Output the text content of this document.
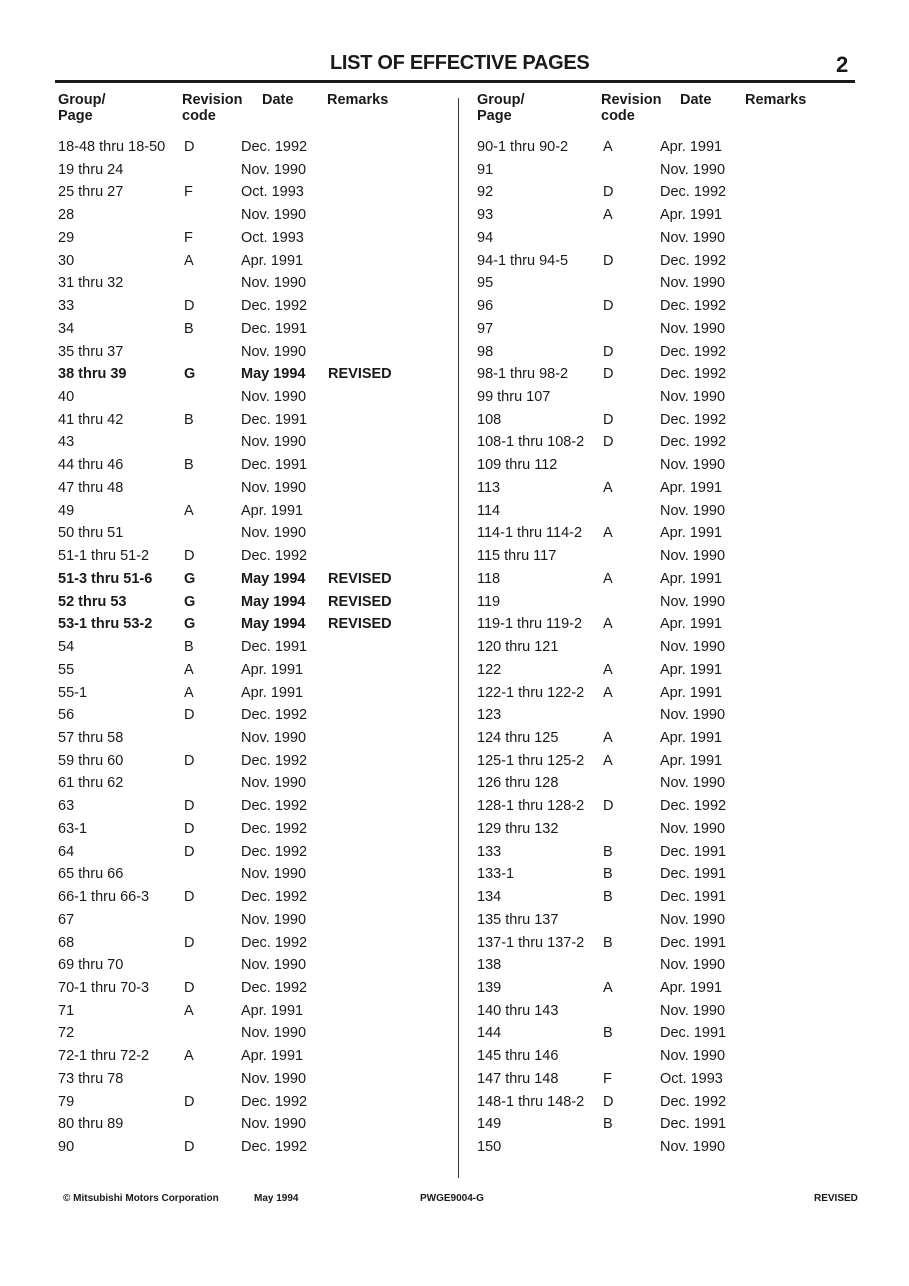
LIST OF EFFECTIVE PAGES	2
Group/
Page
Revision
code
Date Remarks	Group/
Page
Revision
code
Date Remarks
18-48 thru 18-50 D	Dec. 1992
19 thru 24	Nov. 1990
25 thru 27	F	Oct. 1993
28	Nov. 1990
29	F	Oct. 1993
30	A	Apr. 1991
31 thru 32	Nov. 1990
33	D	Dec. 1992
34	B	Dec. 1991
35 thru 37	Nov. 1990
38 thru 39	G	May 1994 REVISED
40	Nov. 1990
41 thru 42	B	Dec. 1991
43	Nov. 1990
44 thru 46	B	Dec. 1991
47 thru 48	Nov. 1990
49	A	Apr. 1991
50 thru 51	Nov. 1990
51-1 thru 51-2 D	Dec. 1992
51-3 thru 51-6 G	May 1994 REVISED
52 thru 53	G	May 1994 REVISED
53-1 thru 53-2 G	May 1994 REVISED
54	B	Dec. 1991
55	A	Apr. 1991
55-1	A	Apr. 1991
56	D	Dec. 1992
57 thru 58	Nov. 1990
59 thru 60	D	Dec. 1992
61 thru 62	Nov. 1990
63	D	Dec. 1992
63-1	D	Dec. 1992
64	D	Dec. 1992
65 thru 66	Nov. 1990
66-1 thru 66-3 D	Dec. 1992
67	Nov. 1990
68	D	Dec. 1992
69 thru 70	Nov. 1990
70-1 thru 70-3 D	Dec. 1992
71	A	Apr. 1991
72	Nov. 1990
72-1 thru 72-2 A	Apr. 1991
73 thru 78	Nov. 1990
79	D	Dec. 1992
80 thru 89	Nov. 1990
90	D	Dec. 1992
90-1 thru 90-2 A	Apr. 1991
91	Nov. 1990
92	D	Dec. 1992
93	A	Apr. 1991
94	Nov. 1990
94-1 thru 94-5 D	Dec. 1992
95	Nov. 1990
96	D	Dec. 1992
97	Nov. 1990
98	D	Dec. 1992
98-1 thru 98-2 D	Dec. 1992
99 thru 107	Nov. 1990
108	D	Dec. 1992
108-1 thru 108-2 D	Dec. 1992
109 thru 112	Nov. 1990
113	A	Apr. 1991
114	Nov. 1990
114-1 thru 114-2 A	Apr. 1991
115 thru 117	Nov. 1990
118	A	Apr. 1991
119	Nov. 1990
119-1 thru 119-2 A	Apr. 1991
120 thru 121	Nov. 1990
122	A	Apr. 1991
122-1 thru 122-2 A	Apr. 1991
123	Nov. 1990
124 thru 125	A	Apr. 1991
125-1 thru 125-2 A	Apr. 1991
126 thru 128	Nov. 1990
128-1 thru 128-2 D	Dec. 1992
129 thru 132	Nov. 1990
133	B	Dec. 1991
133-1	B	Dec. 1991
134	B	Dec. 1991
135 thru 137	Nov. 1990
137-1 thru 137-2 B	Dec. 1991
138	Nov. 1990
139	A	Apr. 1991
140 thru 143	Nov. 1990
144	B	Dec. 1991
145 thru 146	Nov. 1990
147 thru 148	F	Oct. 1993
148-1 thru 148-2 D	Dec. 1992
149	B	Dec. 1991
150	Nov. 1990
© Mitsubishi Motors Corporation	May 1994	PWGE9004-G	REVISED
